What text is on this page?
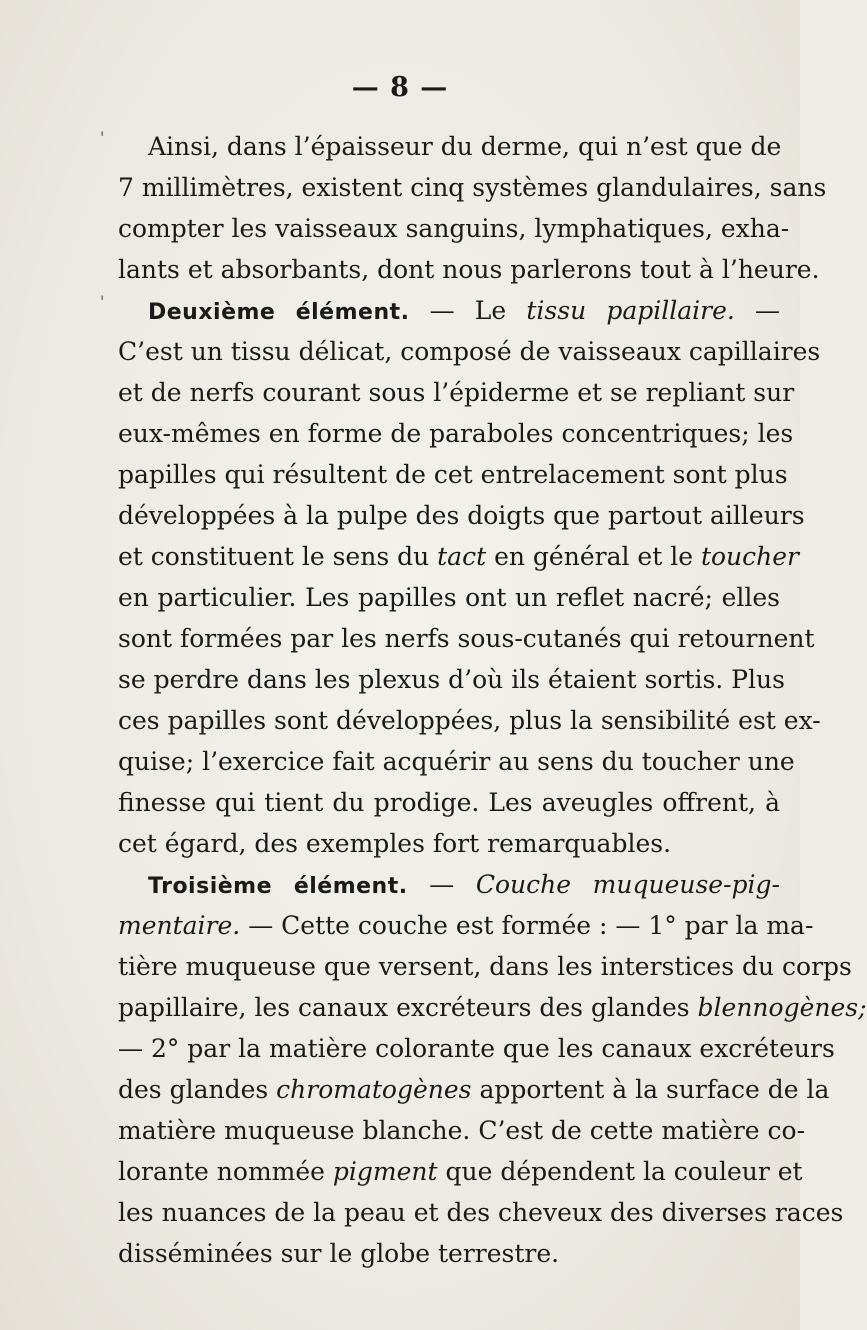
— 8 —
'
'
Ainsi, dans l’épaisseur du derme, qui n’est que de
7 millimètres, existent cinq systèmes glandulaires, sans
compter les vaisseaux sanguins, lymphatiques, exha-
lants et absorbants, dont nous parlerons tout à l’heure.
Deuxième élément. — Le tissu papillaire. —
C’est un tissu délicat, composé de vaisseaux capillaires
et de nerfs courant sous l’épiderme et se repliant sur
eux-mêmes en forme de paraboles concentriques; les
papilles qui résultent de cet entrelacement sont plus
développées à la pulpe des doigts que partout ailleurs
et constituent le sens du tact en général et le toucher
en particulier. Les papilles ont un reflet nacré; elles
sont formées par les nerfs sous-cutanés qui retournent
se perdre dans les plexus d’où ils étaient sortis. Plus
ces papilles sont développées, plus la sensibilité est ex-
quise; l’exercice fait acquérir au sens du toucher une
finesse qui tient du prodige. Les aveugles offrent, à
cet égard, des exemples fort remarquables.
Troisième élément. — Couche muqueuse-pig-
mentaire. — Cette couche est formée : — 1° par la ma-
tière muqueuse que versent, dans les interstices du corps
papillaire, les canaux excréteurs des glandes blennogènes;
— 2° par la matière colorante que les canaux excréteurs
des glandes chromatogènes apportent à la surface de la
matière muqueuse blanche. C’est de cette matière co-
lorante nommée pigment que dépendent la couleur et
les nuances de la peau et des cheveux des diverses races
disséminées sur le globe terrestre.
